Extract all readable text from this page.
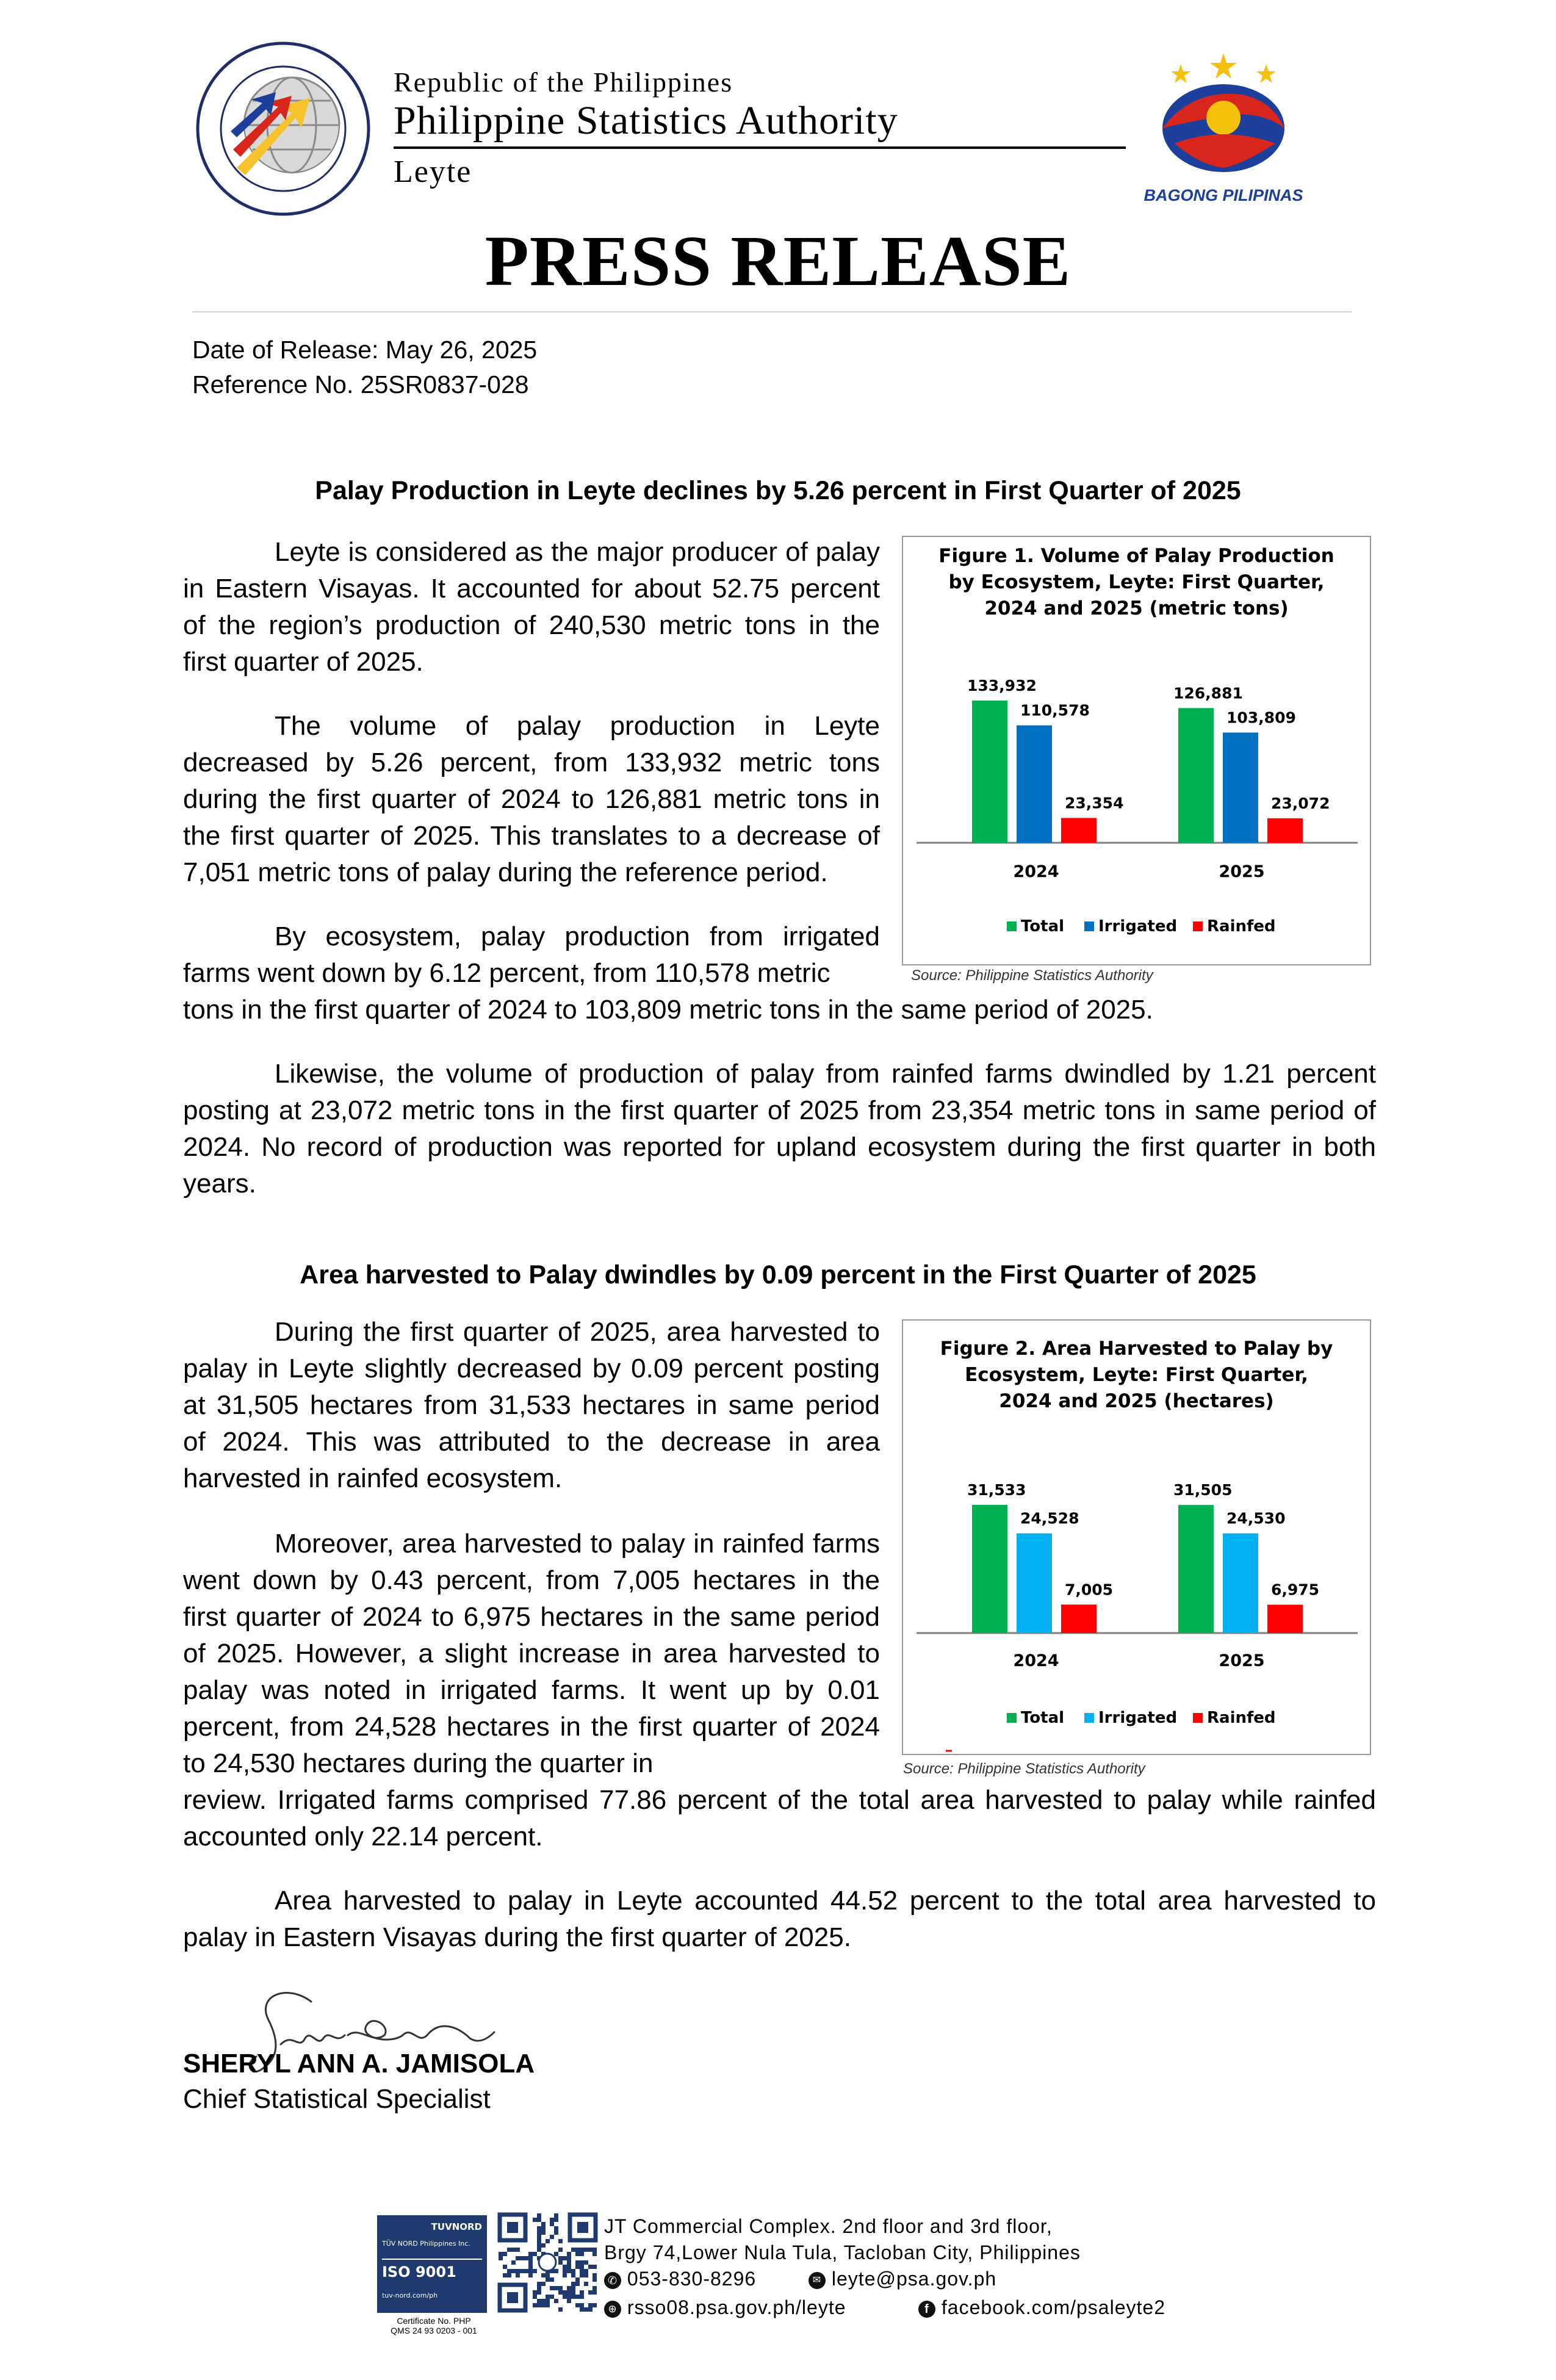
Republic of the Philippines
Philippine Statistics Authority
Leyte
BAGONG PILIPINAS
PRESS RELEASE
Date of Release: May 26, 2025
Reference No. 25SR0837-028
Palay Production in Leyte declines by 5.26 percent in First Quarter of 2025
Leyte is considered as the major producer of palay in Eastern Visayas. It accounted for about 52.75 percent of the region’s production of 240,530 metric tons in the first quarter of 2025.
The volume of palay production in Leyte decreased by 5.26 percent, from 133,932 metric tons during the first quarter of 2024 to 126,881 metric tons in the first quarter of 2025. This translates to a decrease of 7,051 metric tons of palay during the reference period.
By ecosystem, palay production from irrigated farms went down by 6.12 percent, from 110,578 metric
tons in the first quarter of 2024 to 103,809 metric tons in the same period of 2025.
Likewise, the volume of production of palay from rainfed farms dwindled by 1.21 percent posting at 23,072 metric tons in the first quarter of 2025 from 23,354 metric tons in same period of 2024. No record of production was reported for upland ecosystem during the first quarter in both years.
Figure 1. Volume of Palay Production
by Ecosystem, Leyte: First Quarter,
2024 and 2025 (metric tons)
2024	2025
Total Irrigated Rainfed
133,932
110,578
23,354
126,881
103,809
23,072
Source: Philippine Statistics Authority
Area harvested to Palay dwindles by 0.09 percent in the First Quarter of 2025
During the first quarter of 2025, area harvested to palay in Leyte slightly decreased by 0.09 percent posting at 31,505 hectares from 31,533 hectares in same period of 2024. This was attributed to the decrease in area harvested in rainfed ecosystem.
Moreover, area harvested to palay in rainfed farms went down by 0.43 percent, from 7,005 hectares in the first quarter of 2024 to 6,975 hectares in the same period of 2025. However, a slight increase in area harvested to palay was noted in irrigated farms. It went up by 0.01 percent, from 24,528 hectares in the first quarter of 2024 to 24,530 hectares during the quarter in
review. Irrigated farms comprised 77.86 percent of the total area harvested to palay while rainfed accounted only 22.14 percent.
Area harvested to palay in Leyte accounted 44.52 percent to the total area harvested to palay in Eastern Visayas during the first quarter of 2025.
Figure 2. Area Harvested to Palay by
Ecosystem, Leyte: First Quarter,
2024 and 2025 (hectares)
2024	2025
Total Irrigated Rainfed
31,533
24,528
7,005
31,505
24,530
6,975
Source: Philippine Statistics Authority
SHERYL ANN A. JAMISOLA
Chief Statistical Specialist
TUVNORD
TÜV NORD Philippines Inc.
ISO 9001
tuv-nord.com/ph
Certificate No. PHP
QMS 24 93 0203 - 001
JT Commercial Complex. 2nd floor and 3rd floor,
Brgy 74,Lower Nula Tula, Tacloban City, Philippines
✆ 053-830-8296	✉ leyte@psa.gov.ph
⊕ rsso08.psa.gov.ph/leyte	f facebook.com/psaleyte2
